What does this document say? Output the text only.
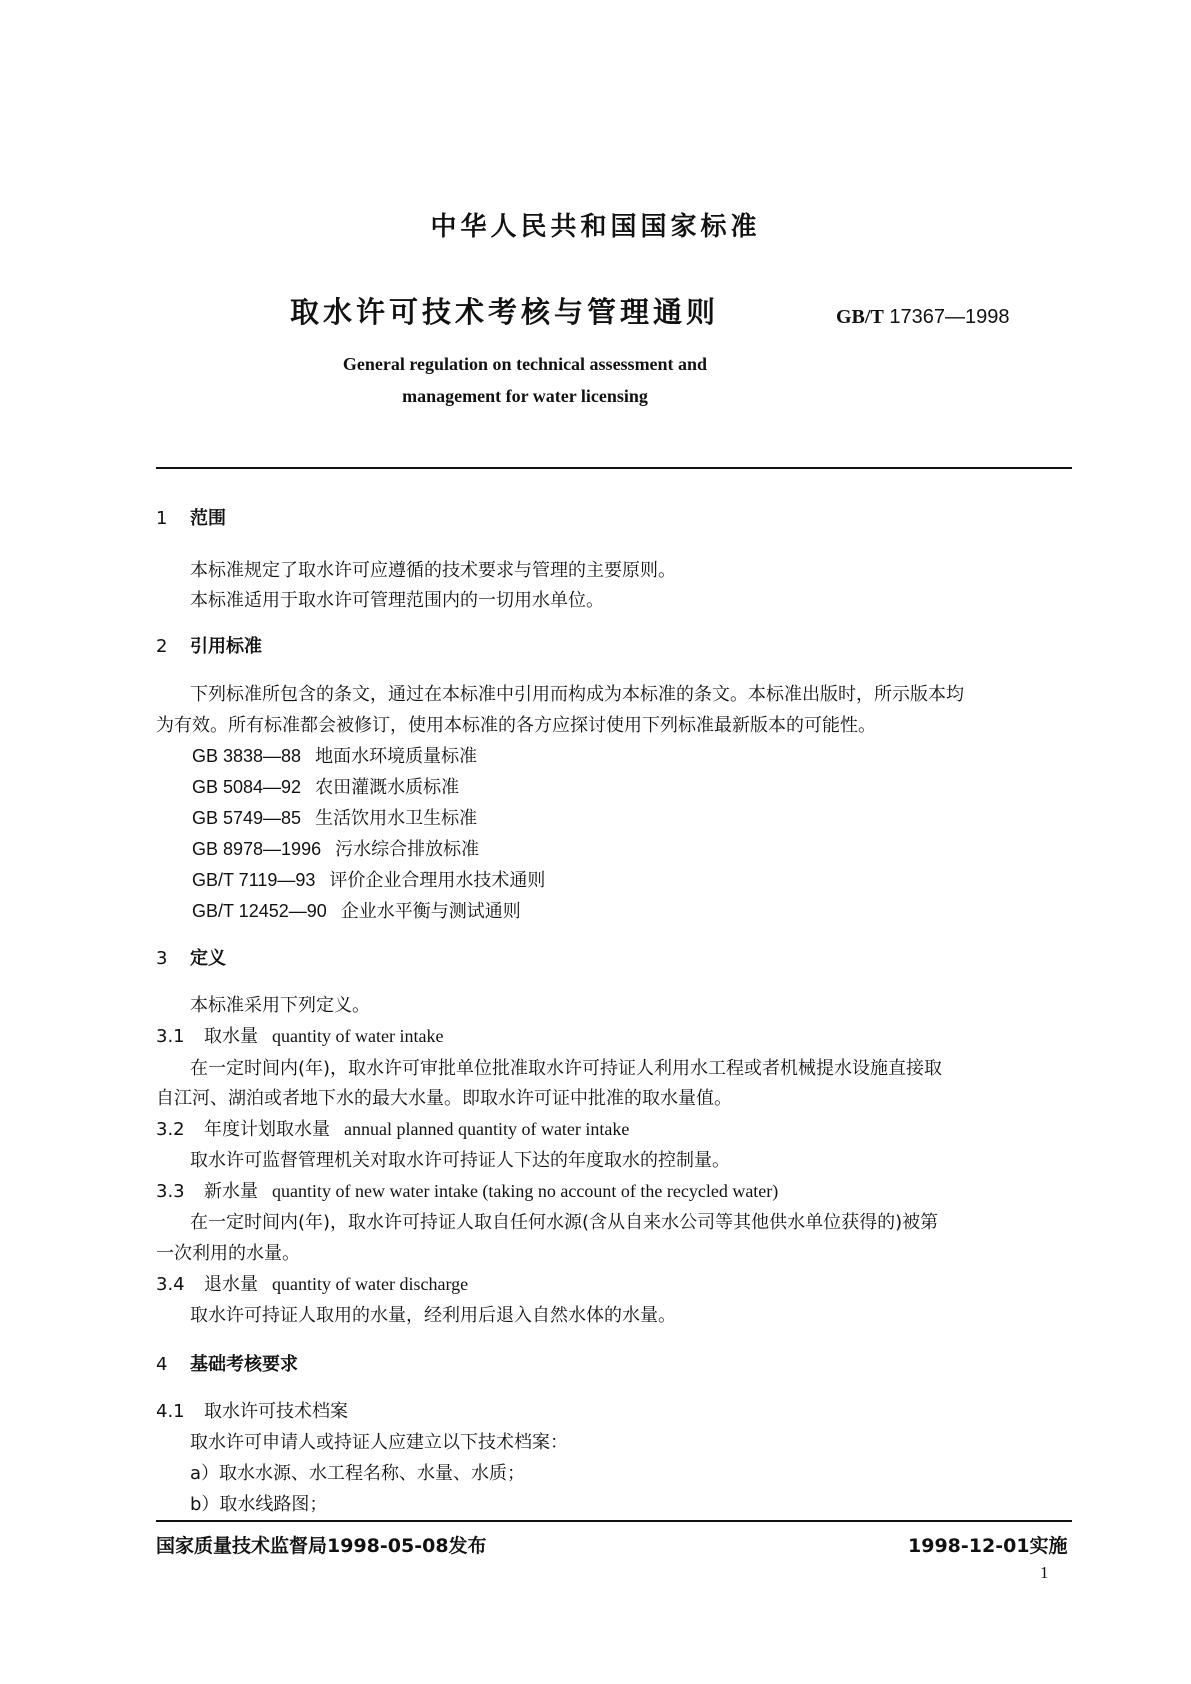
中华人民共和国国家标准
取水许可技术考核与管理通则	GB/T 17367—1998
General regulation on technical assessment and
management for water licensing
1 范围
本标准规定了取水许可应遵循的技术要求与管理的主要原则。
本标准适用于取水许可管理范围内的一切用水单位。
2 引用标准
下列标准所包含的条文，通过在本标准中引用而构成为本标准的条文。本标准出版时，所示版本均
为有效。所有标准都会被修订，使用本标准的各方应探讨使用下列标准最新版本的可能性。
GB 3838—88 地面水环境质量标准
GB 5084—92 农田灌溉水质标准
GB 5749—85 生活饮用水卫生标准
GB 8978—1996 污水综合排放标准
GB/T 7119—93 评价企业合理用水技术通则
GB/T 12452—90 企业水平衡与测试通则
3 定义
本标准采用下列定义。
3.1 取水量 quantity of water intake
在一定时间内(年)，取水许可审批单位批准取水许可持证人利用水工程或者机械提水设施直接取
自江河、湖泊或者地下水的最大水量。即取水许可证中批准的取水量值。
3.2 年度计划取水量 annual planned quantity of water intake
取水许可监督管理机关对取水许可持证人下达的年度取水的控制量。
3.3 新水量 quantity of new water intake (taking no account of the recycled water)
在一定时间内(年)，取水许可持证人取自任何水源(含从自来水公司等其他供水单位获得的)被第
一次利用的水量。
3.4 退水量 quantity of water discharge
取水许可持证人取用的水量，经利用后退入自然水体的水量。
4 基础考核要求
4.1 取水许可技术档案
取水许可申请人或持证人应建立以下技术档案：
a）取水水源、水工程名称、水量、水质；
b）取水线路图；
国家质量技术监督局1998-05-08发布	1998-12-01实施
1
